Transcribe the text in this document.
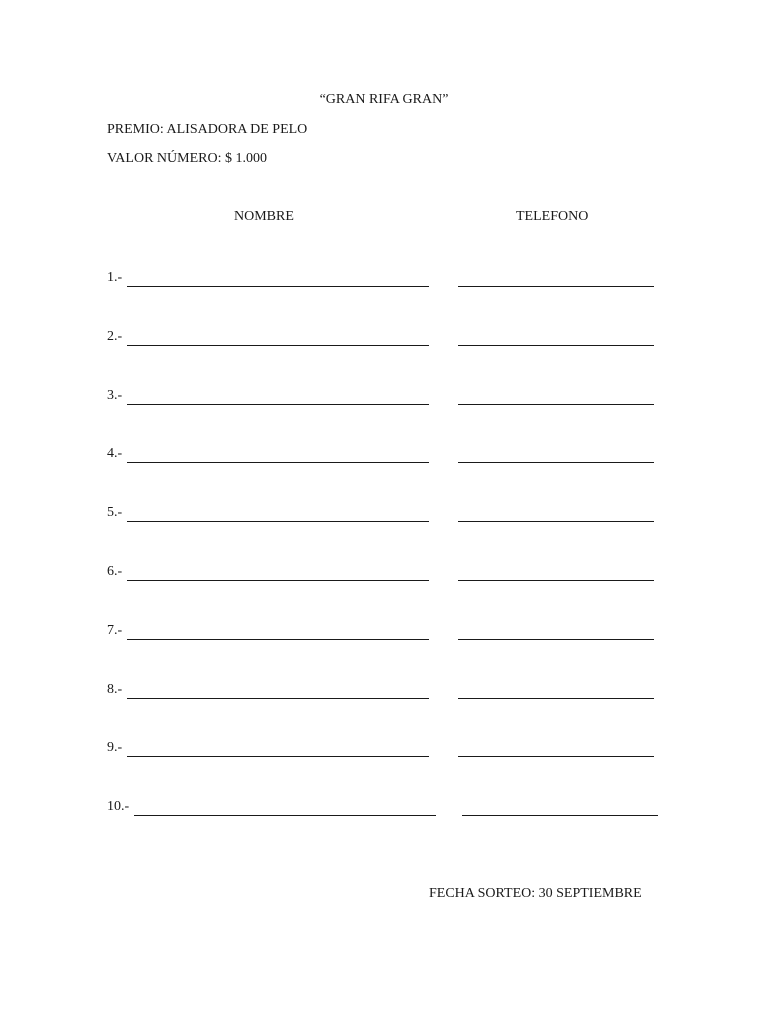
“GRAN RIFA GRAN”
PREMIO: ALISADORA DE PELO
VALOR NÚMERO: $ 1.000
NOMBRE	TELEFONO
1.-
2.-
3.-
4.-
5.-
6.-
7.-
8.-
9.-
10.-
FECHA SORTEO: 30 SEPTIEMBRE
